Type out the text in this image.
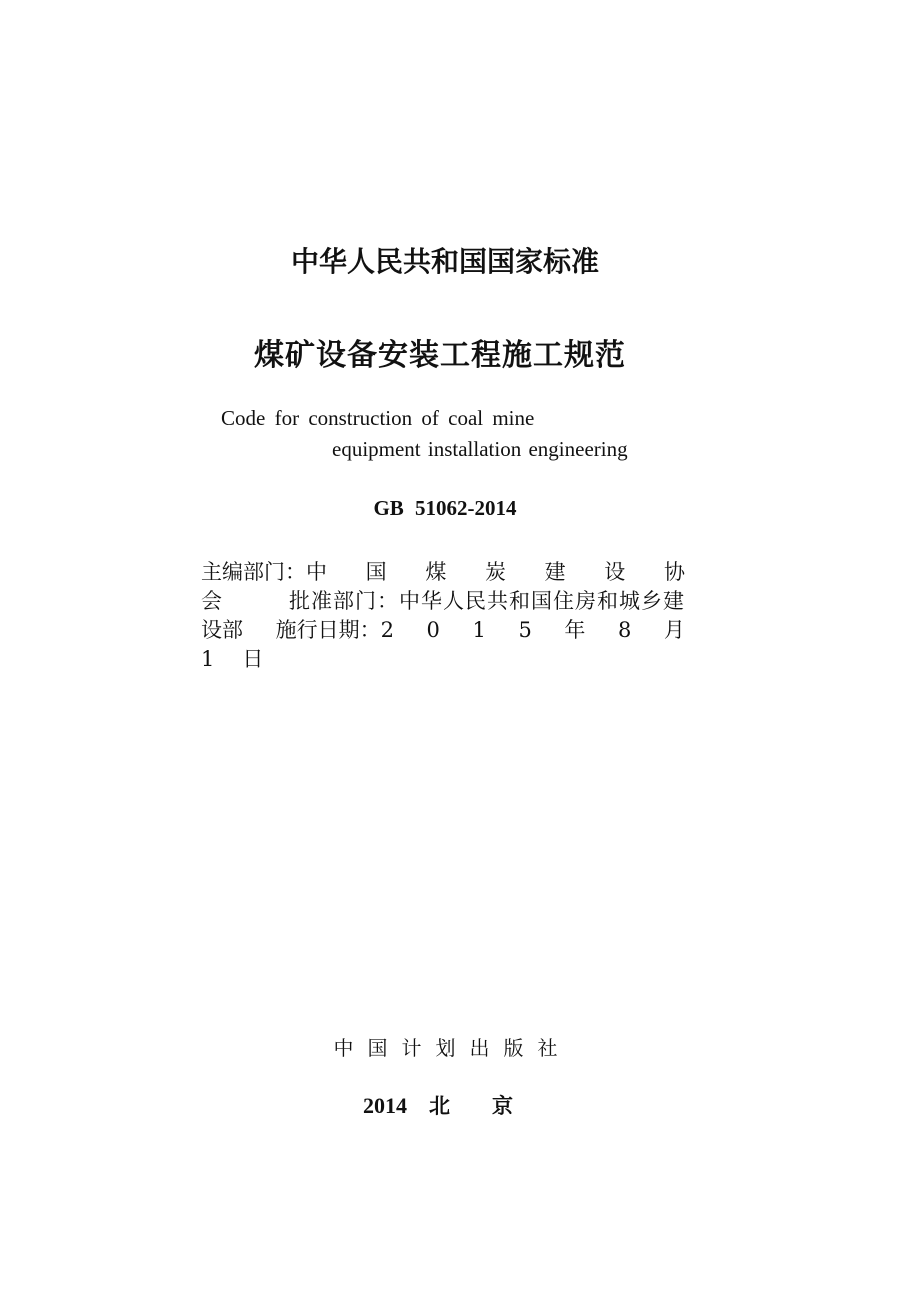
中华人民共和国国家标准
煤矿设备安装工程施工规范
Code for construction of coal mine
equipment installation engineering
GB 51062-2014
主编部门：中 国 煤 炭 建 设 协
会	批准部门：中华人民共和国住房和城乡建
设部 施行日期：2 0 1 5 年 8 月
1 日
中国计划出版社
2014 北　　京
